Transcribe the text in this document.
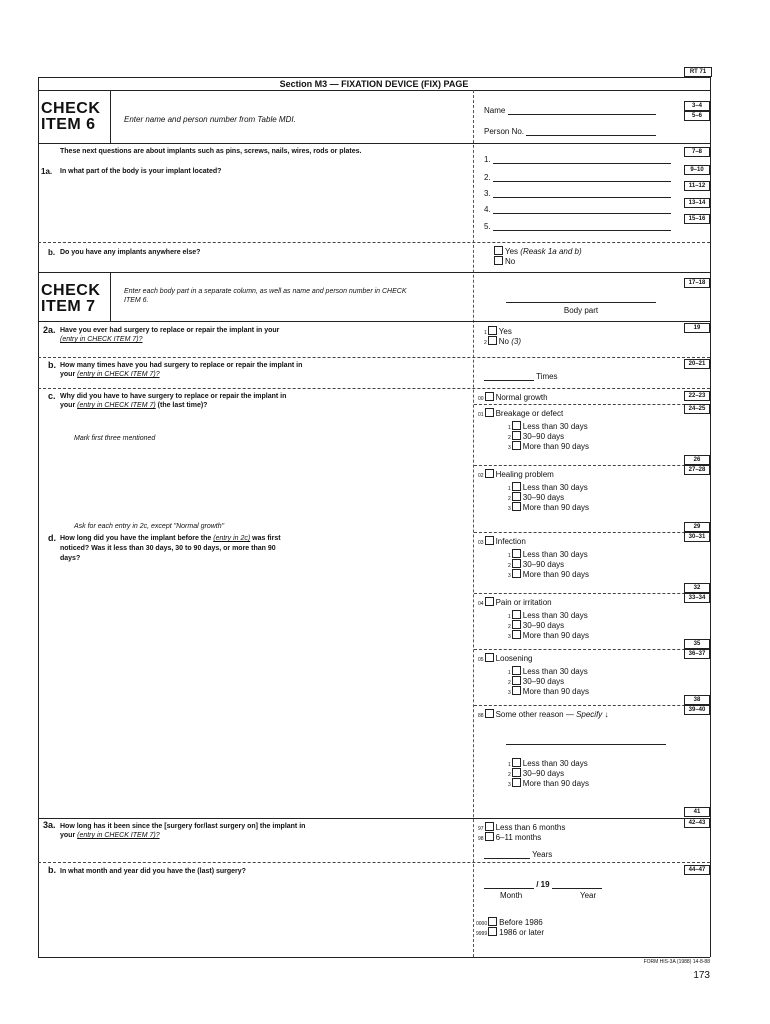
RT 71
Section M3 — FIXATION DEVICE (FIX) PAGE
CHECK
ITEM 6	Enter name and person number from Table MDI.
Name	3–4
5–6
Person No.
These next questions are about implants such as pins, screws, nails, wires, rods or plates.
1a. In what part of the body is your implant located?
1.
2.
3.
4.
5.
7–8
9–10
11–12
13–14
15–16
b. Do you have any implants anywhere else?	Yes (Reask 1a and b)
No
CHECK
ITEM 7
Enter each body part in a separate column, as well as name and person number in CHECK ITEM 6.
17–18
Body part
2a. Have you ever had surgery to replace or repair the implant in your
(entry in CHECK ITEM 7)?
1 Yes
2 No (3)
19
b. How many times have you had surgery to replace or repair the implant in
your (entry in CHECK ITEM 7)?	Times
20–21
c. Why did you have to have surgery to replace or repair the implant in
your (entry in CHECK ITEM 7) (the last time)?
Mark first three mentioned
00 Normal growth	22–23
Ask for each entry in 2c, except "Normal growth"
d. How long did you have the implant before the (entry in 2c) was first
noticed? Was it less than 30 days, 30 to 90 days, or more than 90
days?
01 Breakage or defect
1 Less than 30 days
2 30–90 days
3 More than 90 days
24–25
26
02 Healing problem
1 Less than 30 days
2 30–90 days
3 More than 90 days
27–28
29
03 Infection
1 Less than 30 days
2 30–90 days
3 More than 90 days
30–31
32
04 Pain or irritation
1 Less than 30 days
2 30–90 days
3 More than 90 days
33–34
35
05 Loosening
1 Less than 30 days
2 30–90 days
3 More than 90 days
36–37
38
88 Some other reason — Specify ↓
1 Less than 30 days
2 30–90 days
3 More than 90 days
39–40
41
3a. How long has it been since the [surgery for/last surgery on] the implant in
your (entry in CHECK ITEM 7)?
97 Less than 6 months
98 6–11 months
Years
42–43
b. In what month and year did you have the (last) surgery?	44–47
/ 19
Month	Year
0000 Before 1986
9999 1986 or later
FORM HIS-3A (1988) 14-8-88
173
